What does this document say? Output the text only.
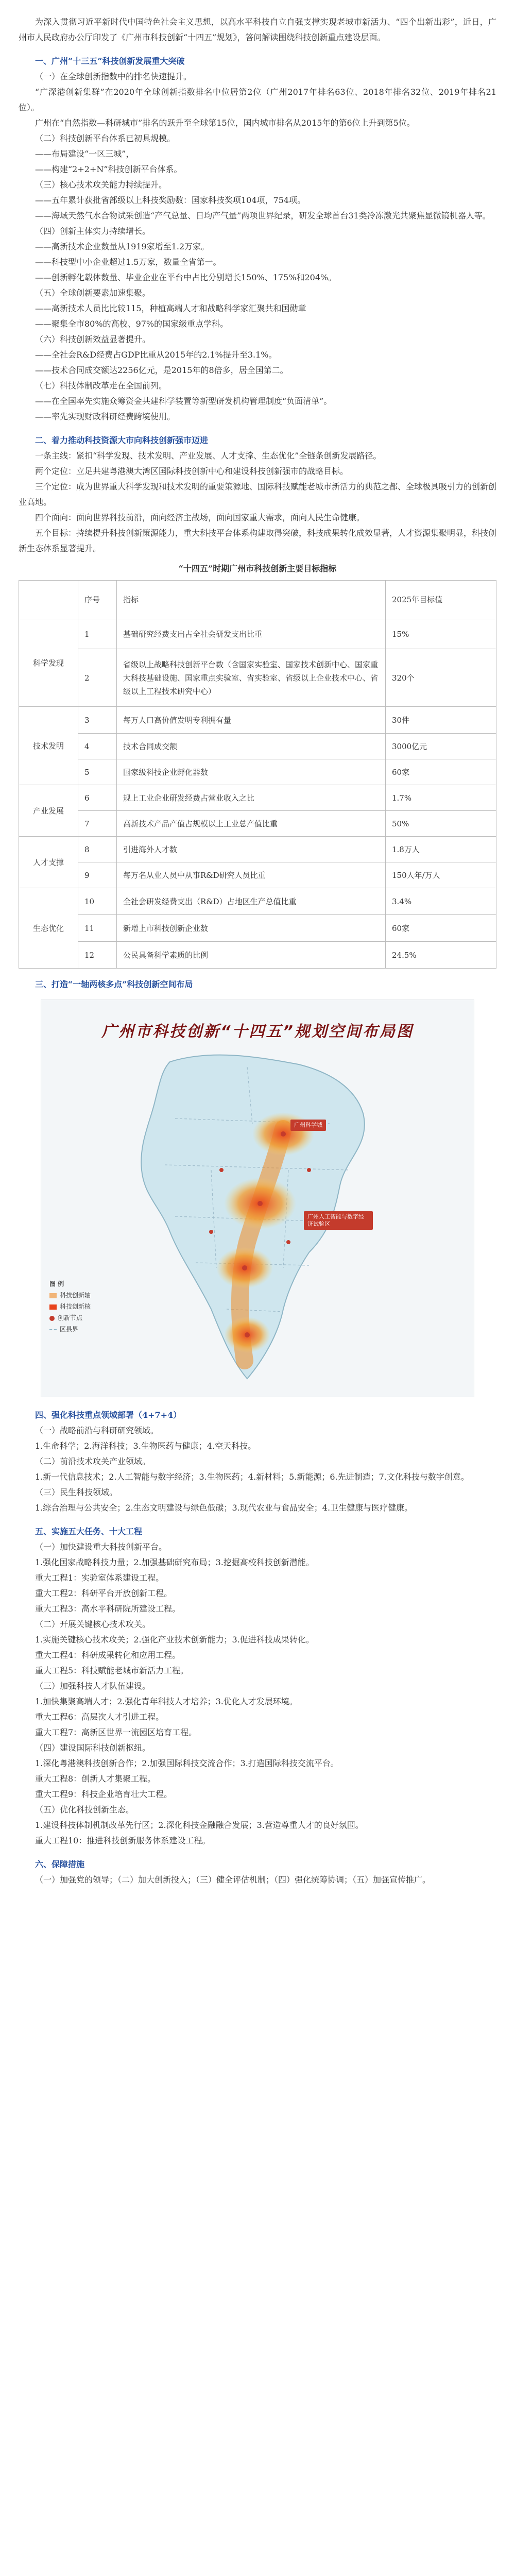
为深入贯彻习近平新时代中国特色社会主义思想，以高水平科技自立自强支撑实现老城市新活力、“四个出新出彩”，近日，广州市人民政府办公厅印发了《广州市科技创新“十四五”规划》，答问解读围绕科技创新重点建设层面。

一、广州“十三五”科技创新发展重大突破

（一）在全球创新指数中的排名快速提升。

“广深港创新集群”在2020年全球创新指数排名中位居第2位（广州2017年排名63位、2018年排名32位、2019年排名21位）。

广州在“自然指数—科研城市”排名的跃升至全球第15位，国内城市排名从2015年的第6位上升到第5位。

（二）科技创新平台体系已初具规模。

——布局建设“一区三城”，

——构建“2+2+N”科技创新平台体系。

（三）核心技术攻关能力持续提升。

——五年累计获批省部级以上科技奖励数：国家科技奖项104项，754项。

——海域天然气水合物试采创造“产气总量、日均产气量”两项世界纪录，研发全球首台31类冷冻激光共聚焦显微镜机器人等。

（四）创新主体实力持续增长。

——高新技术企业数量从1919家增至1.2万家。

——科技型中小企业超过1.5万家，数量全省第一。

——创新孵化载体数量、毕业企业在平台中占比分别增长150%、175%和204%。

（五）全球创新要素加速集聚。

——高新技术人员比比较115，种植高端人才和战略科学家汇聚共和国勋章

——聚集全市80%的高校、97%的国家级重点学科。

（六）科技创新效益显著提升。

——全社会R&D经费占GDP比重从2015年的2.1%提升至3.1%。

——技术合同成交额达2256亿元，是2015年的8倍多，居全国第二。

（七）科技体制改革走在全国前列。

——在全国率先实施众筹资金共建科学装置等新型研发机构管理制度“负面清单”。

——率先实现财政科研经费跨境使用。

二、着力推动科技资源大市向科技创新强市迈进

一条主线：紧扣“科学发现、技术发明、产业发展、人才支撑、生态优化”全链条创新发展路径。

两个定位：立足共建粤港澳大湾区国际科技创新中心和建设科技创新强市的战略目标。

三个定位：成为世界重大科学发现和技术发明的重要策源地、国际科技赋能老城市新活力的典范之都、全球极具吸引力的创新创业高地。

四个面向：面向世界科技前沿，面向经济主战场，面向国家重大需求，面向人民生命健康。

五个目标：持续提升科技创新策源能力，重大科技平台体系构建取得突破，科技成果转化成效显著，人才资源集聚明显，科技创新生态体系显著提升。

“十四五”时期广州市科技创新主要目标指标
	序号	指标	2025年目标值
科学发现	1	基础研究经费支出占全社会研发支出比重	15%
	2	省级以上战略科技创新平台数（含国家实验室、国家技术创新中心、国家重大科技基础设施、国家重点实验室、省实验室、省级以上企业技术中心、省级以上工程技术研究中心）	320个
技术发明	3	每万人口高价值发明专利拥有量	30件
	4	技术合同成交额	3000亿元
	5	国家级科技企业孵化器数	60家
产业发展	6	规上工业企业研发经费占营业收入之比	1.7%
	7	高新技术产品产值占规模以上工业总产值比重	50%
人才支撑	8	引进海外人才数	1.8万人
	9	每万名从业人员中从事R&D研究人员比重	150人年/万人
生态优化	10	全社会研发经费支出（R&D）占地区生产总值比重	3.4%
	11	新增上市科技创新企业数	60家
	12	公民具备科学素质的比例	24.5%

三、打造“一轴两核多点”科技创新空间布局

广州市科技创新“十四五”规划空间布局图
广州科学城
广州人工智能与数字经济试验区
图 例
科技创新轴
科技创新核
创新节点
区县界

四、强化科技重点领域部署（4+7+4）

（一）战略前沿与科研研究领域。

1.生命科学；2.海洋科技；3.生物医药与健康；4.空天科技。

（二）前沿技术攻关产业领域。

1.新一代信息技术；2.人工智能与数字经济；3.生物医药；4.新材料；5.新能源；6.先进制造；7.文化科技与数字创意。

（三）民生科技领域。

1.综合治理与公共安全；2.生态文明建设与绿色低碳；3.现代农业与食品安全；4.卫生健康与医疗健康。

五、实施五大任务、十大工程

（一）加快建设重大科技创新平台。

1.强化国家战略科技力量；2.加强基础研究布局；3.挖掘高校科技创新潜能。

重大工程1：实验室体系建设工程。

重大工程2：科研平台开放创新工程。

重大工程3：高水平科研院所建设工程。

（二）开展关键核心技术攻关。

1.实施关键核心技术攻关；2.强化产业技术创新能力；3.促进科技成果转化。

重大工程4：科研成果转化和应用工程。

重大工程5：科技赋能老城市新活力工程。

（三）加强科技人才队伍建设。

1.加快集聚高端人才；2.强化青年科技人才培养；3.优化人才发展环境。

重大工程6：高层次人才引进工程。

重大工程7：高新区世界一流园区培育工程。

（四）建设国际科技创新枢纽。

1.深化粤港澳科技创新合作；2.加强国际科技交流合作；3.打造国际科技交流平台。

重大工程8：创新人才集聚工程。

重大工程9：科技企业培育壮大工程。

（五）优化科技创新生态。

1.建设科技体制机制改革先行区；2.深化科技金融融合发展；3.营造尊重人才的良好氛围。

重大工程10：推进科技创新服务体系建设工程。

六、保障措施

（一）加强党的领导；（二）加大创新投入；（三）健全评估机制；（四）强化统筹协调；（五）加强宣传推广。
